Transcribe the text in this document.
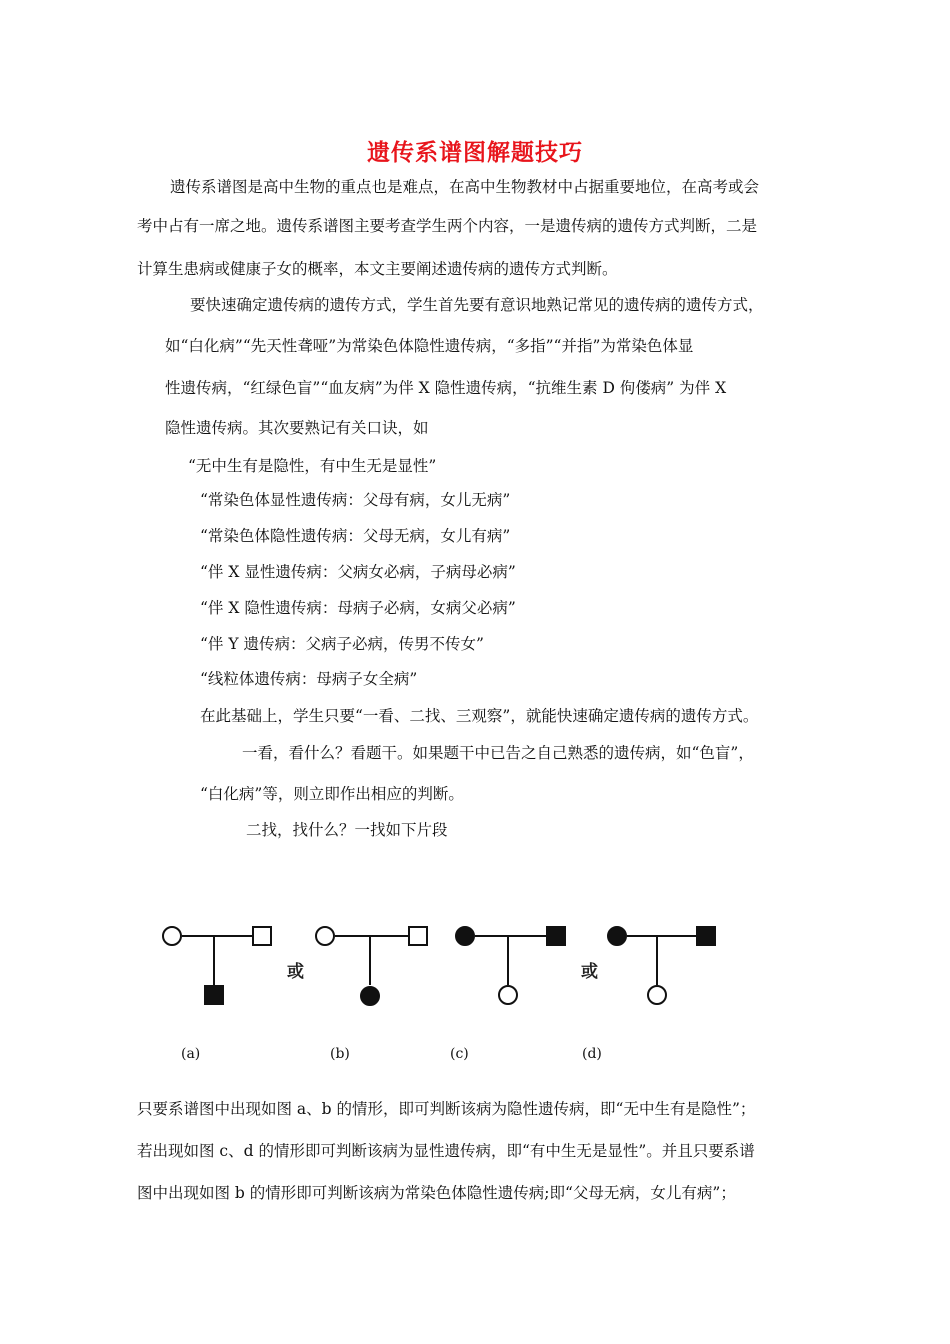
遗传系谱图解题技巧
遗传系谱图是高中生物的重点也是难点，在高中生物教材中占据重要地位，在高考或会
考中占有一席之地。遗传系谱图主要考查学生两个内容，一是遗传病的遗传方式判断，二是
计算生患病或健康子女的概率，本文主要阐述遗传病的遗传方式判断。
要快速确定遗传病的遗传方式，学生首先要有意识地熟记常见的遗传病的遗传方式，
如“白化病”“先天性聋哑”为常染色体隐性遗传病，“多指”“并指”为常染色体显
性遗传病，“红绿色盲”“血友病”为伴 X 隐性遗传病，“抗维生素 D 佝偻病” 为伴 X
隐性遗传病。其次要熟记有关口诀，如
“无中生有是隐性，有中生无是显性”
“常染色体显性遗传病：父母有病，女儿无病”
“常染色体隐性遗传病：父母无病，女儿有病”
“伴 X 显性遗传病：父病女必病，子病母必病”
“伴 X 隐性遗传病：母病子必病，女病父必病”
“伴 Y 遗传病：父病子必病，传男不传女”
“线粒体遗传病：母病子女全病”
在此基础上，学生只要“一看、二找、三观察”，就能快速确定遗传病的遗传方式。
一看，看什么？看题干。如果题干中已告之自己熟悉的遗传病，如“色盲”，
“白化病”等，则立即作出相应的判断。
二找，找什么？一找如下片段
或	或
(a)	(b)	(c)	(d)
只要系谱图中出现如图 a、b 的情形，即可判断该病为隐性遗传病，即“无中生有是隐性”；
若出现如图 c、d 的情形即可判断该病为显性遗传病，即“有中生无是显性”。并且只要系谱
图中出现如图 b 的情形即可判断该病为常染色体隐性遗传病;即“父母无病，女儿有病”；
